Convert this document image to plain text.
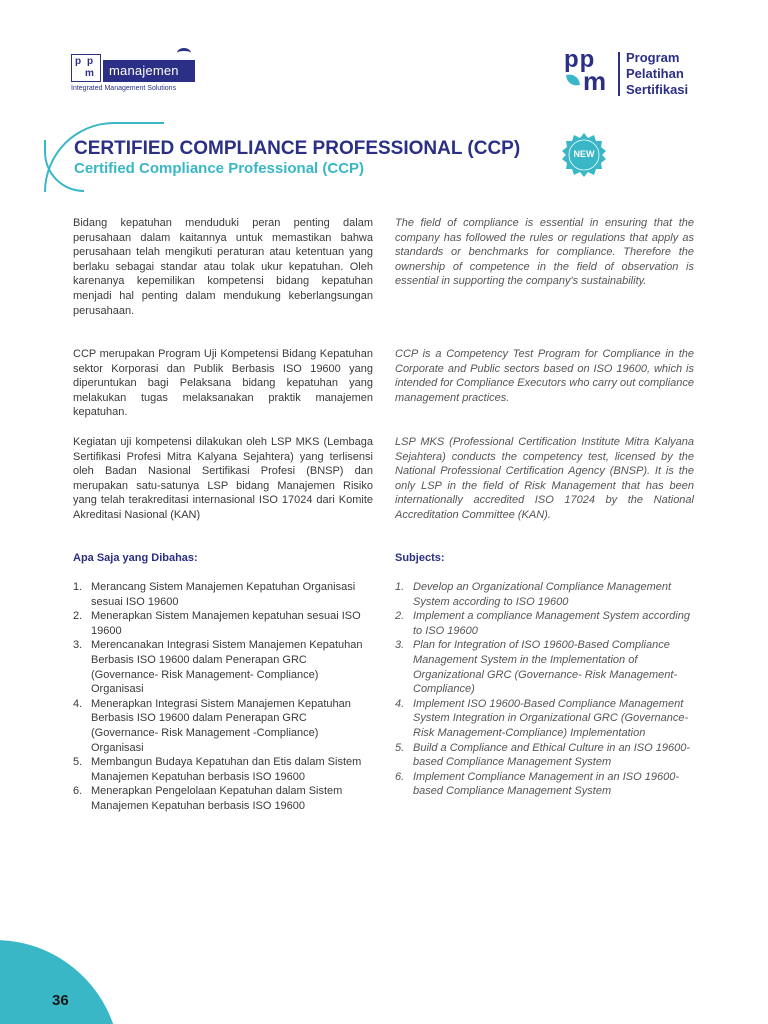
p p
m manajemen
Integrated Management Solutions
pp
m
Program
Pelatihan
Sertifikasi
CERTIFIED COMPLIANCE PROFESSIONAL (CCP)
Certified Compliance Professional (CCP)
NEW
Bidang kepatuhan menduduki peran penting dalam perusahaan dalam kaitannya untuk memastikan bahwa perusahaan telah mengikuti peraturan atau ketentuan yang berlaku sebagai standar atau tolak ukur kepatuhan. Oleh karenanya kepemilikan kompetensi bidang kepatuhan menjadi hal penting dalam mendukung keberlangsungan perusahaan.
CCP merupakan Program Uji Kompetensi Bidang Kepatuhan sektor Korporasi dan Publik Berbasis ISO 19600 yang diperuntukan bagi Pelaksana bidang kepatuhan yang melakukan tugas melaksanakan praktik manajemen kepatuhan.
Kegiatan uji kompetensi dilakukan oleh LSP MKS (Lembaga Sertifikasi Profesi Mitra Kalyana Sejahtera) yang terlisensi oleh Badan Nasional Sertifikasi Profesi (BNSP) dan merupakan satu-satunya LSP bidang Manajemen Risiko yang telah terakreditasi internasional ISO 17024 dari Komite Akreditasi Nasional (KAN)
Apa Saja yang Dibahas:
1. Merancang Sistem Manajemen Kepatuhan Organisasi sesuai ISO 19600
2. Menerapkan Sistem Manajemen kepatuhan sesuai ISO 19600
3. Merencanakan Integrasi Sistem Manajemen Kepatuhan Berbasis ISO 19600 dalam Penerapan GRC (Governance- Risk Management- Compliance) Organisasi
4. Menerapkan Integrasi Sistem Manajemen Kepatuhan Berbasis ISO 19600 dalam Penerapan GRC (Governance- Risk Management -Compliance) Organisasi
5. Membangun Budaya Kepatuhan dan Etis dalam Sistem Manajemen Kepatuhan berbasis ISO 19600
6. Menerapkan Pengelolaan Kepatuhan dalam Sistem Manajemen Kepatuhan berbasis ISO 19600
The field of compliance is essential in ensuring that the company has followed the rules or regulations that apply as standards or benchmarks for compliance. Therefore the ownership of competence in the field of observation is essential in supporting the company's sustainability.
CCP is a Competency Test Program for Compliance in the Corporate and Public sectors based on ISO 19600, which is intended for Compliance Executors who carry out compliance management practices.
LSP MKS (Professional Certification Institute Mitra Kalyana Sejahtera) conducts the competency test, licensed by the National Professional Certification Agency (BNSP). It is the only LSP in the field of Risk Management that has been internationally accredited ISO 17024 by the National Accreditation Committee (KAN).
Subjects:
1. Develop an Organizational Compliance Management System according to ISO 19600
2. Implement a compliance Management System according to ISO 19600
3. Plan for Integration of ISO 19600-Based Compliance Management System in the Implementation of Organizational GRC (Governance- Risk Management- Compliance)
4. Implement ISO 19600-Based Compliance Management System Integration in Organizational GRC (Governance-Risk Management-Compliance) Implementation
5. Build a Compliance and Ethical Culture in an ISO 19600-based Compliance Management System
6. Implement Compliance Management in an ISO 19600-based Compliance Management System
36
